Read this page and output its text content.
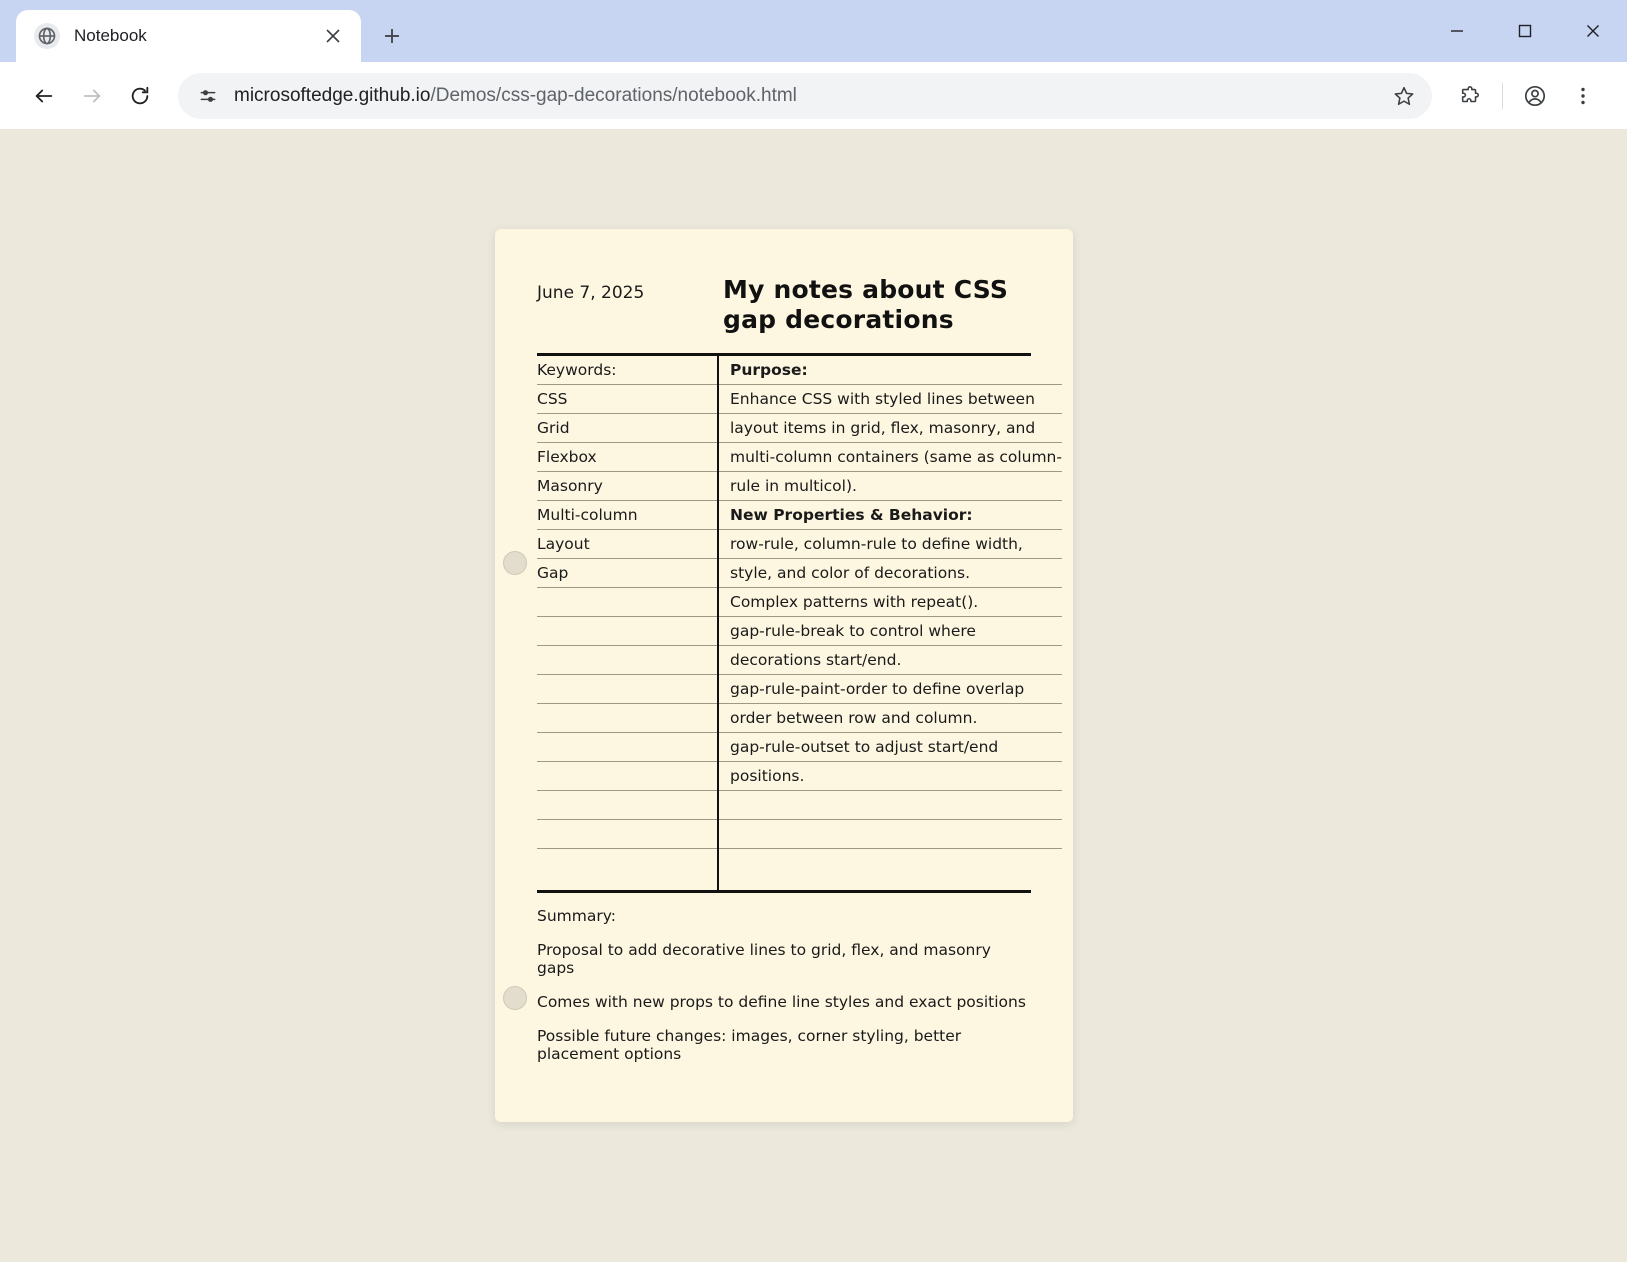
Notebook
microsoftedge.github.io/Demos/css-gap-decorations/notebook.html
June 7, 2025	My notes about CSS gap decorations
Keywords:
CSS
Grid
Flexbox
Masonry
Multi-column
Layout
Gap
Purpose:
Enhance CSS with styled lines between
layout items in grid, flex, masonry, and
multi-column containers (same as column-
rule in multicol).
New Properties & Behavior:
row-rule, column-rule to define width,
style, and color of decorations.
Complex patterns with repeat().
gap-rule-break to control where
decorations start/end.
gap-rule-paint-order to define overlap
order between row and column.
gap-rule-outset to adjust start/end
positions.

Summary:

Proposal to add decorative lines to grid, flex, and masonry gaps

Comes with new props to define line styles and exact positions

Possible future changes: images, corner styling, better placement options
